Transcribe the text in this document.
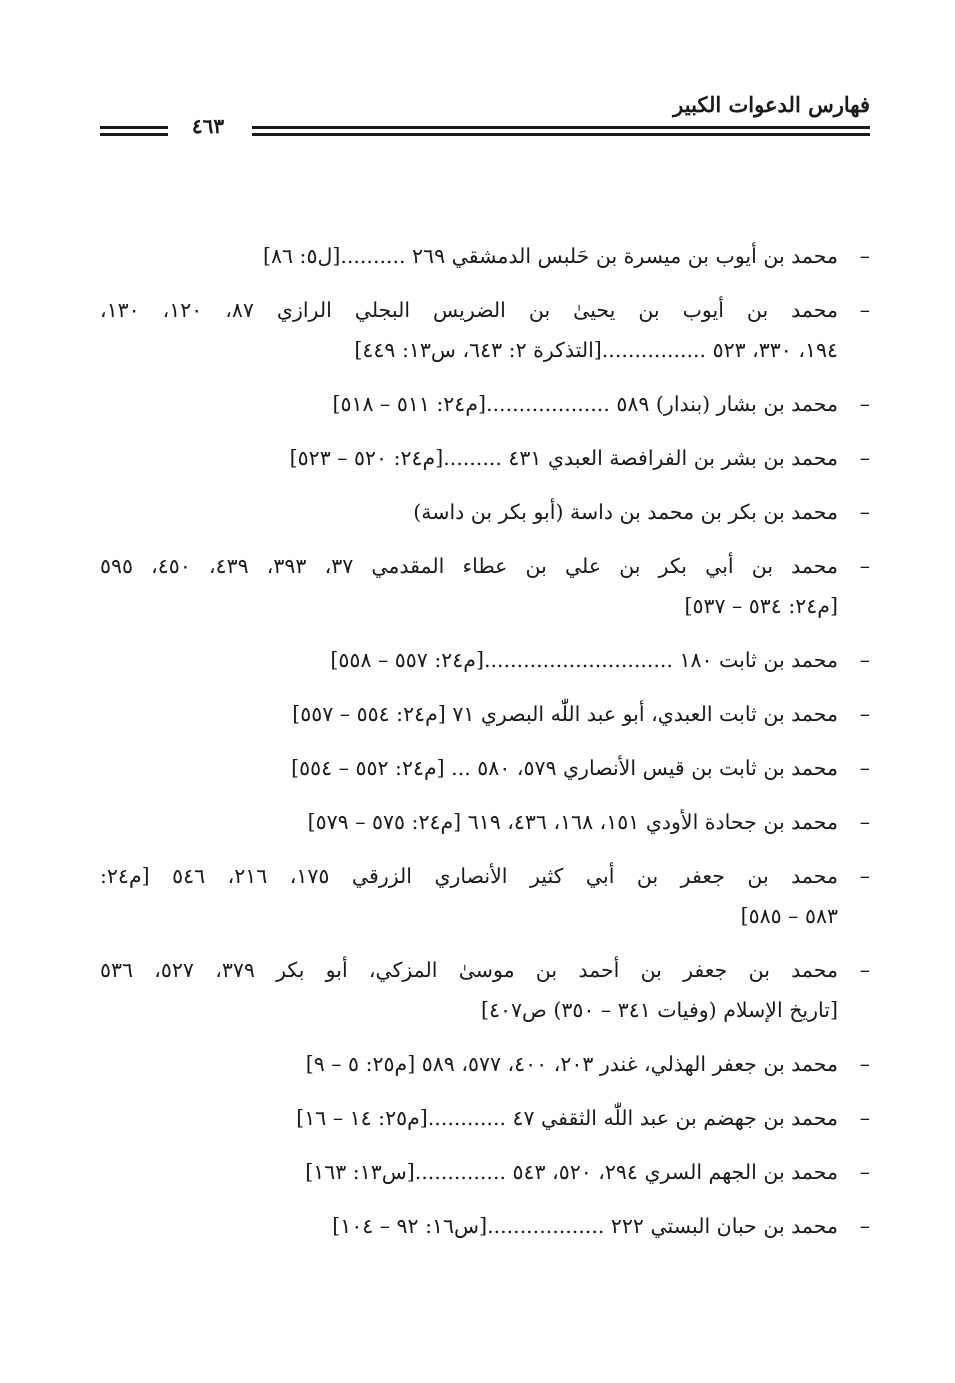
فهارس الدعوات الكبير
٤٦٣
–
محمد بن أيوب بن ميسرة بن حَلبس الدمشقي ٢٦٩ ..........[ل٥: ٨٦]
–
محمد بن أيوب بن يحيىٰ بن الضريس البجلي الرازي ٨٧، ١٢٠، ١٣٠،
١٩٤، ٣٣٠، ٥٢٣ ................[التذكرة ٢: ٦٤٣، س١٣: ٤٤٩]
–
محمد بن بشار (بندار) ٥٨٩ ...................[م٢٤: ٥١١ – ٥١٨]
–
محمد بن بشر بن الفرافصة العبدي ٤٣١ .........[م٢٤: ٥٢٠ – ٥٢٣]
–
محمد بن بكر بن محمد بن داسة (أبو بكر بن داسة)
–
محمد بن أبي بكر بن علي بن عطاء المقدمي ٣٧، ٣٩٣، ٤٣٩، ٤٥٠، ٥٩٥
[م٢٤: ٥٣٤ – ٥٣٧]
–
محمد بن ثابت ١٨٠ .............................[م٢٤: ٥٥٧ – ٥٥٨]
–
محمد بن ثابت العبدي، أبو عبد اللّٰه البصري ٧١ [م٢٤: ٥٥٤ – ٥٥٧]
–
محمد بن ثابت بن قيس الأنصاري ٥٧٩، ٥٨٠ ... [م٢٤: ٥٥٢ – ٥٥٤]
–
محمد بن جحادة الأودي ١٥١، ١٦٨، ٤٣٦، ٦١٩ [م٢٤: ٥٧٥ – ٥٧٩]
–
محمد بن جعفر بن أبي كثير الأنصاري الزرقي ١٧٥، ٢١٦، ٥٤٦ [م٢٤:
٥٨٣ – ٥٨٥]
–
محمد بن جعفر بن أحمد بن موسىٰ المزكي، أبو بكر ٣٧٩، ٥٢٧، ٥٣٦
[تاريخ الإسلام (وفيات ٣٤١ – ٣٥٠) ص٤٠٧]
–
محمد بن جعفر الهذلي، غندر ٢٠٣، ٤٠٠، ٥٧٧، ٥٨٩ [م٢٥: ٥ – ٩]
–
محمد بن جهضم بن عبد اللّٰه الثقفي ٤٧ ............[م٢٥: ١٤ – ١٦]
–
محمد بن الجهم السري ٢٩٤، ٥٢٠، ٥٤٣ ..............[س١٣: ١٦٣]
–
محمد بن حبان البستي ٢٢٢ ..................[س١٦: ٩٢ – ١٠٤]
